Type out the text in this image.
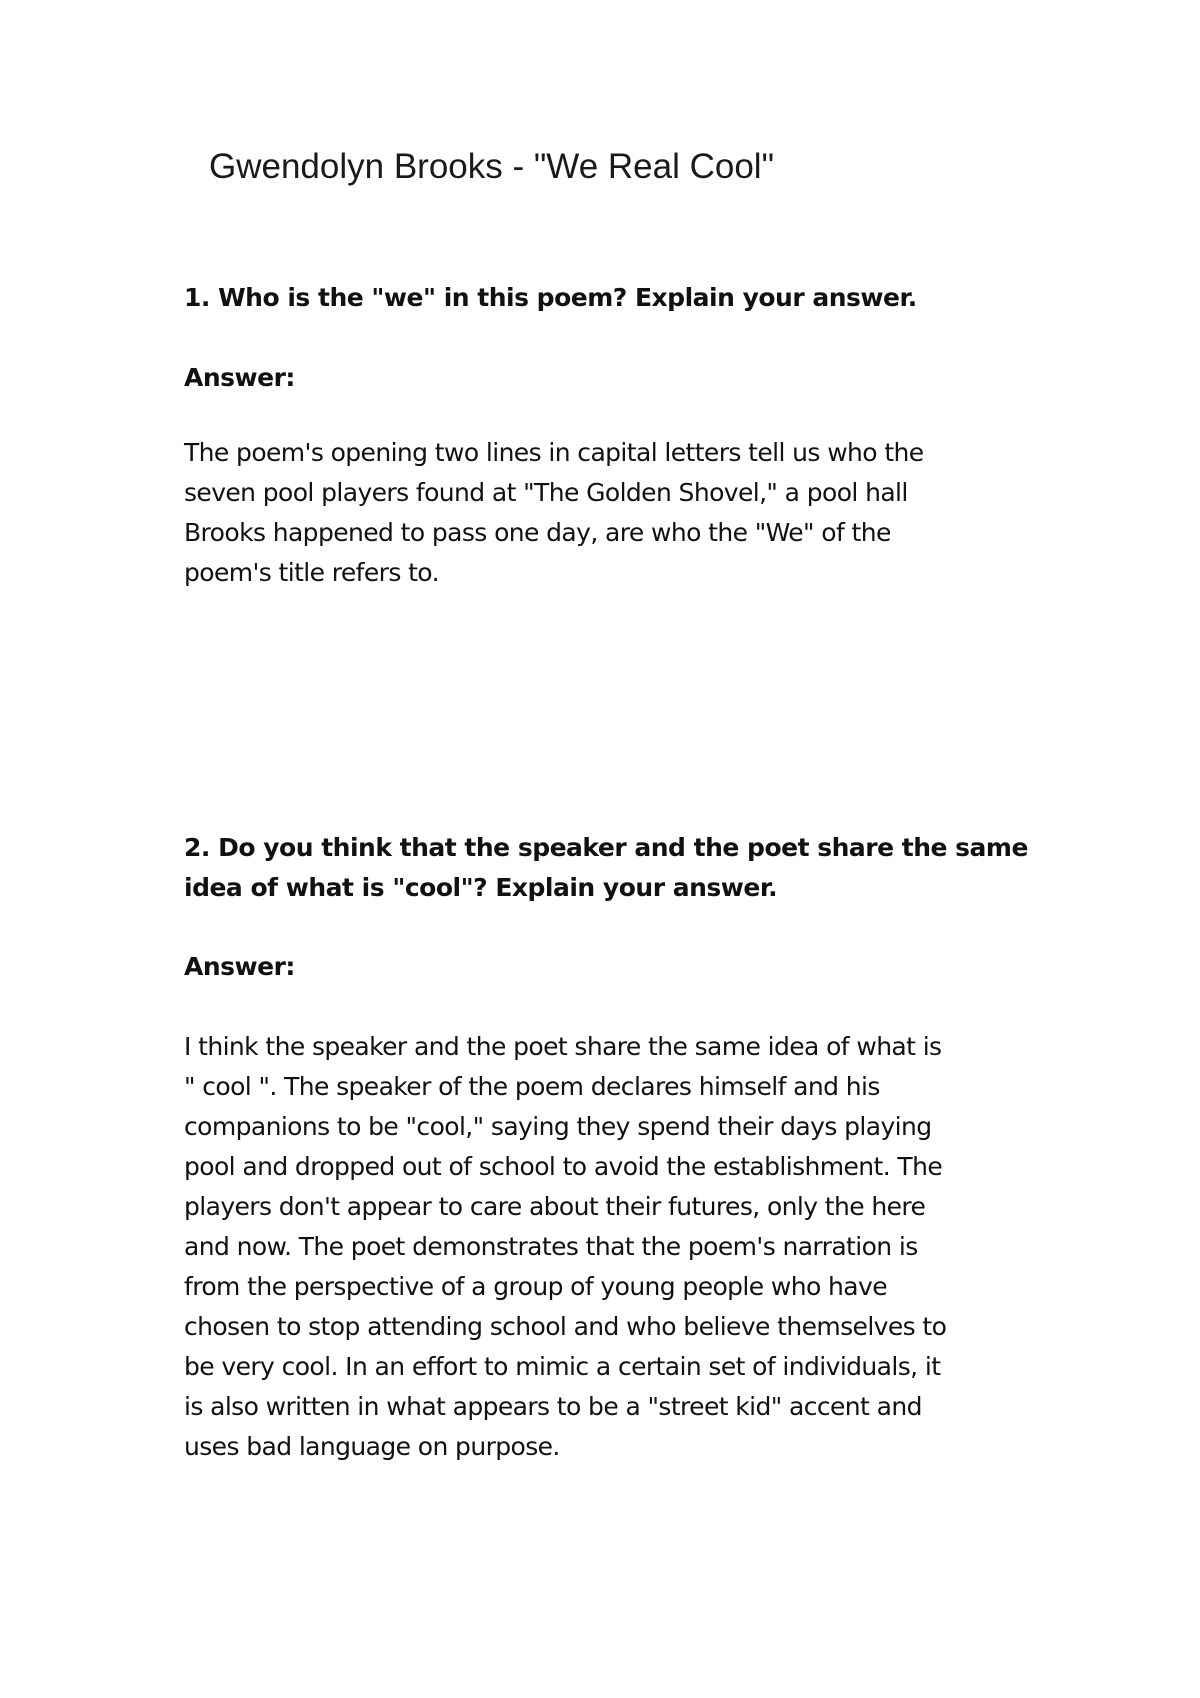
Gwendolyn Brooks - "We Real Cool"
1. Who is the "we" in this poem? Explain your answer.
Answer:
The poem's opening two lines in capital letters tell us who the
seven pool players found at "The Golden Shovel," a pool hall
Brooks happened to pass one day, are who the "We" of the
poem's title refers to.
2. Do you think that the speaker and the poet share the same
idea of what is "cool"? Explain your answer.
Answer:
I think the speaker and the poet share the same idea of what is
" cool ". The speaker of the poem declares himself and his
companions to be "cool," saying they spend their days playing
pool and dropped out of school to avoid the establishment. The
players don't appear to care about their futures, only the here
and now. The poet demonstrates that the poem's narration is
from the perspective of a group of young people who have
chosen to stop attending school and who believe themselves to
be very cool. In an effort to mimic a certain set of individuals, it
is also written in what appears to be a "street kid" accent and
uses bad language on purpose.
